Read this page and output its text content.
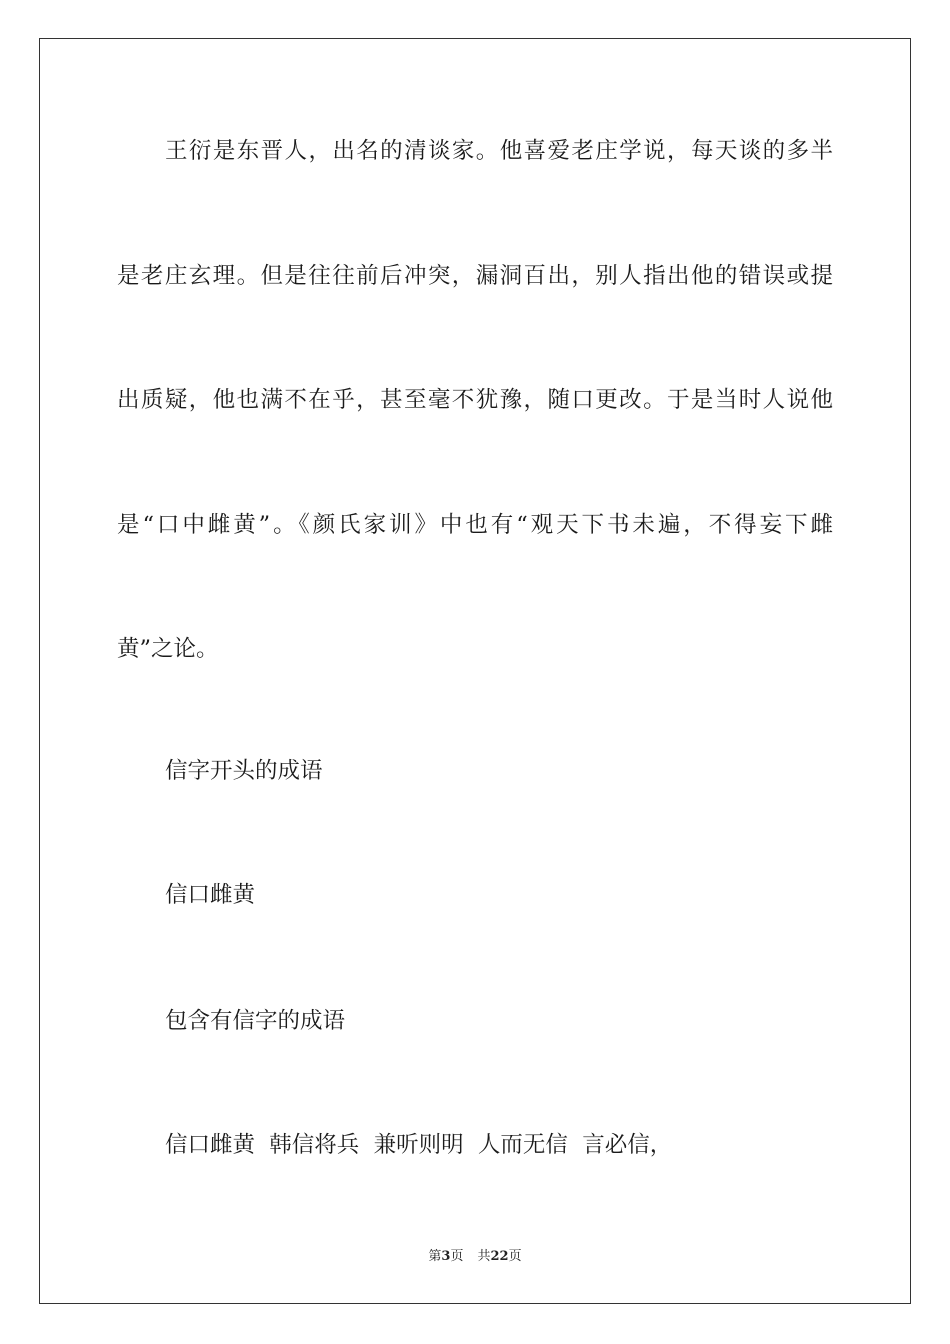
王衍是东晋人，出名的清谈家。他喜爱老庄学说，每天谈的多半
是老庄玄理。但是往往前后冲突，漏洞百出，别人指出他的错误或提
出质疑，他也满不在乎，甚至毫不犹豫，随口更改。于是当时人说他
是“口中雌黄”。《颜氏家训》中也有“观天下书未遍，不得妄下雌
黄”之论。
信字开头的成语
信口雌黄
包含有信字的成语
信口雌黄  韩信将兵  兼听则明  人而无信  言必信，
第3页 共22页
